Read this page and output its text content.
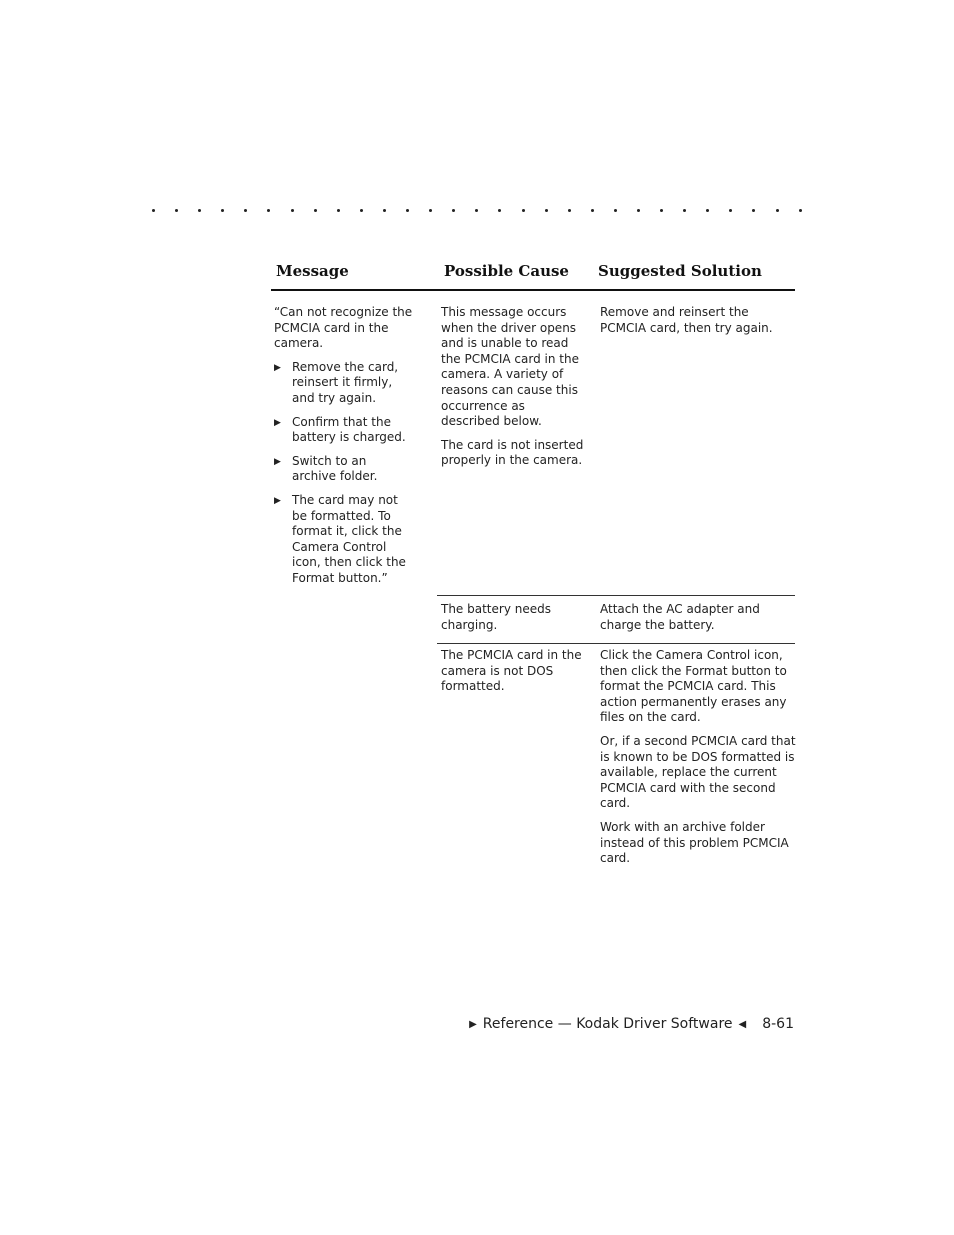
Message	Possible Cause Suggested Solution

“Can not recognize the PCMCIA card in the camera.

▶ Remove the card, reinsert it firmly, and try again.
▶ Confirm that the battery is charged.
▶ Switch to an archive folder.
▶ The card may not be formatted. To format it, click the Camera Control icon, then click the Format button.”

This message occurs when the driver opens and is unable to read the PCMCIA card in the camera. A variety of reasons can cause this occurrence as described below.

The card is not inserted properly in the camera.

Remove and reinsert the PCMCIA card, then try again.

The battery needs charging.

Attach the AC adapter and charge the battery.

The PCMCIA card in the camera is not DOS formatted.

Click the Camera Control icon, then click the Format button to format the PCMCIA card. This action permanently erases any files on the card.

Or, if a second PCMCIA card that is known to be DOS formatted is available, replace the current PCMCIA card with the second card.

Work with an archive folder instead of this problem PCMCIA card.

▶ Reference — Kodak Driver Software ◀ 8-61
